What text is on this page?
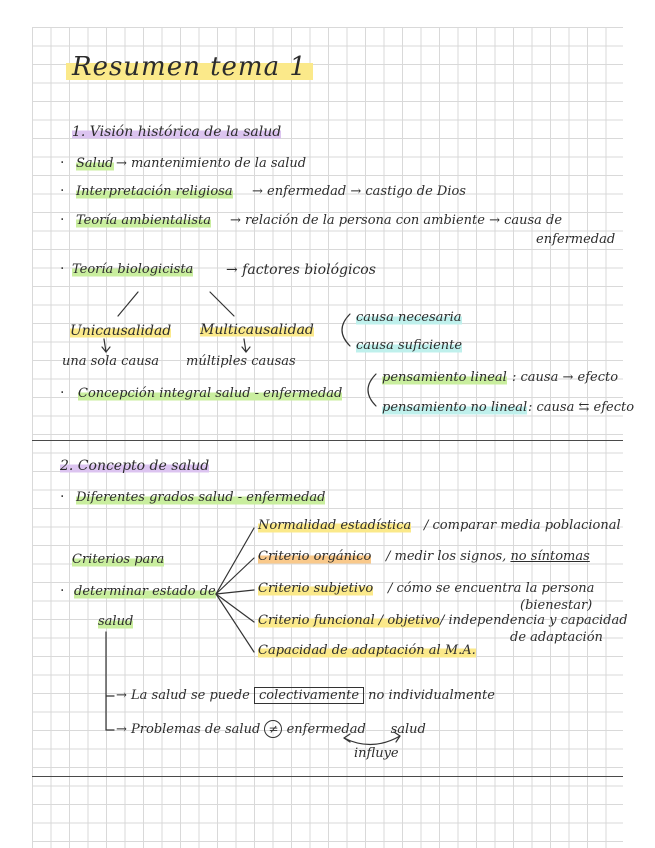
Resumen tema 1
1. Visión histórica de la salud
· Salud → mantenimiento de la salud
· Interpretación religiosa → enfermedad → castigo de Dios
· Teoría ambientalista → relación de la persona con ambiente → causa de
enfermedad
· Teoría biologicista → factores biológicos
Unicausalidad Multicausalidad
una sola causa múltiples causas
causa necesaria
causa suficiente
· Concepción integral salud - enfermedad
pensamiento lineal : causa → efecto
pensamiento no lineal : causa ⇆ efecto
2. Concepto de salud
· Diferentes grados salud - enfermedad
Criterios para
· determinar estado de
salud
Normalidad estadística / comparar media poblacional
Criterio orgánico / medir los signos, no síntomas
Criterio subjetivo / cómo se encuentra la persona
(bienestar)
Criterio funcional / objetivo / independencia y capacidad
de adaptación
Capacidad de adaptación al M.A.
→ La salud se puede colectivamente no individualmente
→ Problemas de salud ≠ enfermedad salud
influye
